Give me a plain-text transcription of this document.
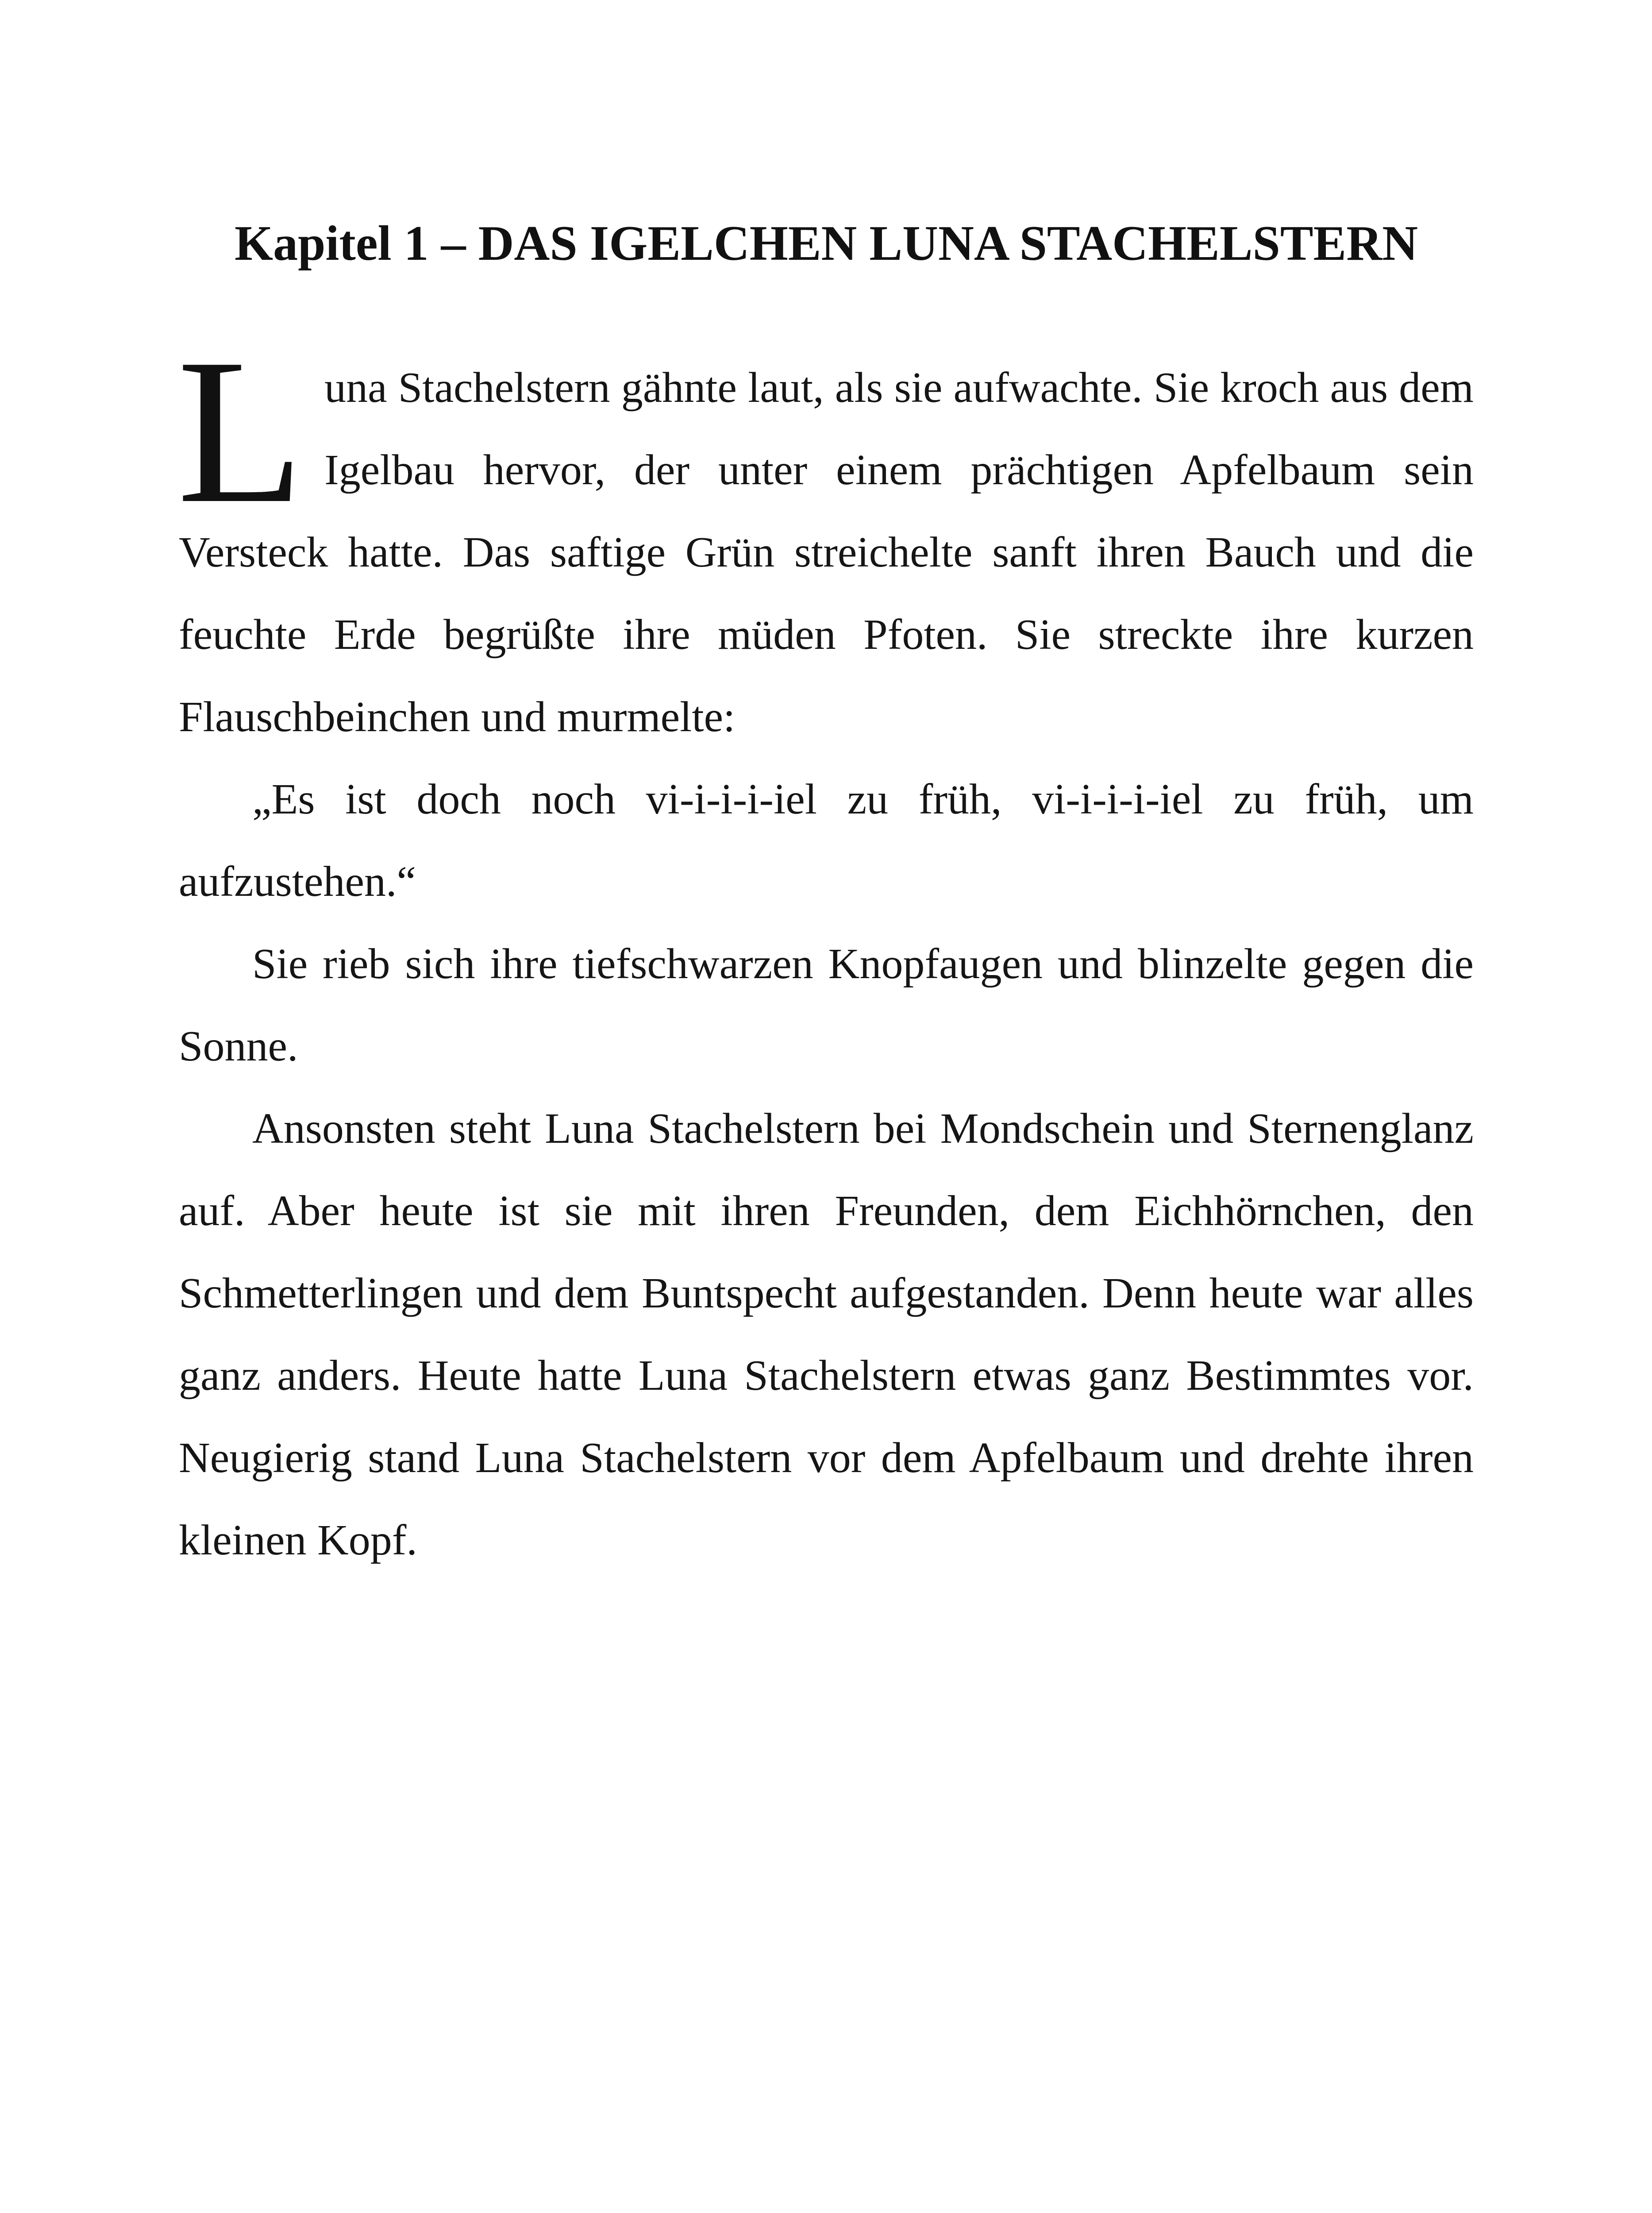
Kapitel 1 – DAS IGELCHEN LUNA STACHELSTERN

Luna Stachelstern gähnte laut, als sie aufwachte. Sie kroch aus dem Igelbau hervor, der unter einem prächtigen Apfelbaum sein Versteck hatte. Das saftige Grün streichelte sanft ihren Bauch und die feuchte Erde begrüßte ihre müden Pfoten. Sie streckte ihre kurzen Flauschbeinchen und murmelte:

„Es ist doch noch vi-i-i-i-iel zu früh, vi-i-i-i-iel zu früh, um aufzustehen.“

Sie rieb sich ihre tiefschwarzen Knopfaugen und blinzelte gegen die Sonne.

Ansonsten steht Luna Stachelstern bei Mondschein und Sternenglanz auf. Aber heute ist sie mit ihren Freunden, dem Eichhörnchen, den Schmetterlingen und dem Buntspecht aufgestanden. Denn heute war alles ganz anders. Heute hatte Luna Stachelstern etwas ganz Bestimmtes vor. Neugierig stand Luna Stachelstern vor dem Apfelbaum und drehte ihren kleinen Kopf.
